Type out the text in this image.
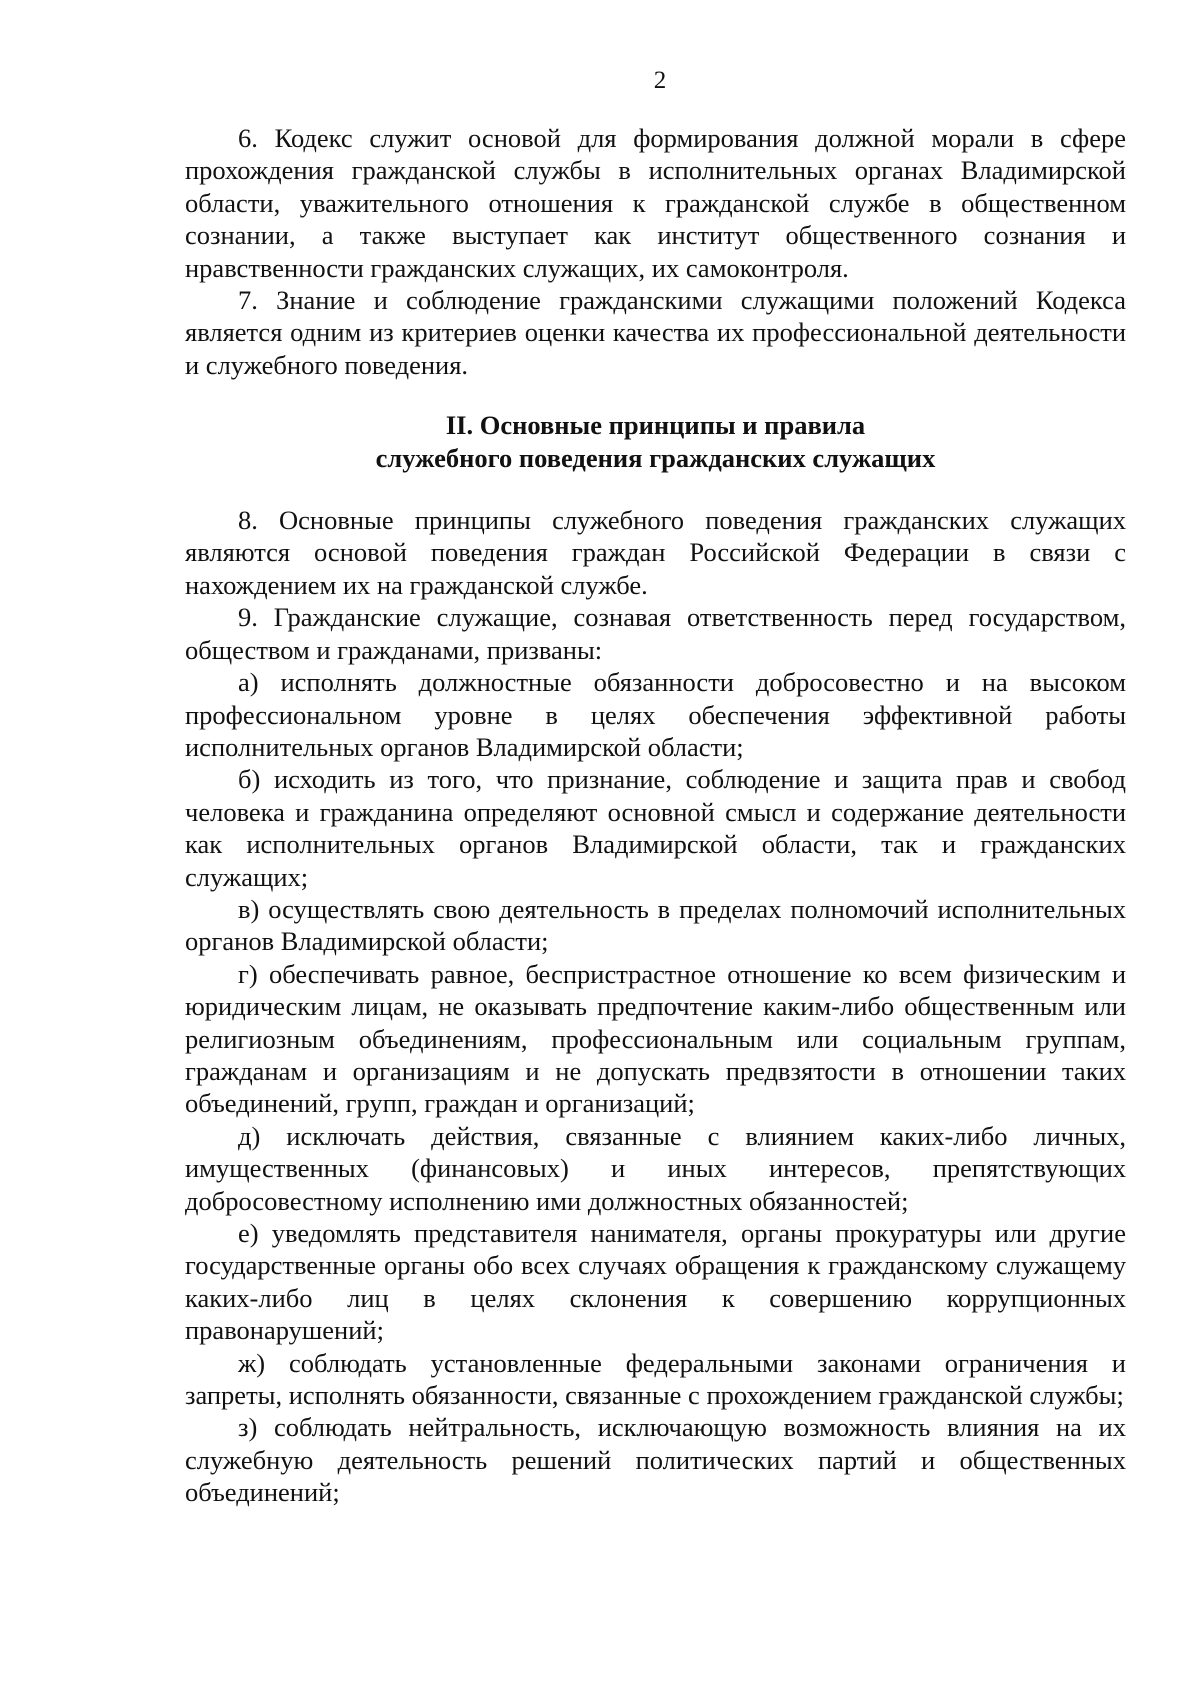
2

6. Кодекс служит основой для формирования должной морали в сфере прохождения гражданской службы в исполнительных органах Владимирской области, уважительного отношения к гражданской службе в общественном сознании, а также выступает как институт общественного сознания и нравственности гражданских служащих, их самоконтроля.

7. Знание и соблюдение гражданскими служащими положений Кодекса является одним из критериев оценки качества их профессиональной деятельности и служебного поведения.

II. Основные принципы и правила
служебного поведения гражданских служащих

8. Основные принципы служебного поведения гражданских служащих являются основой поведения граждан Российской Федерации в связи с нахождением их на гражданской службе.

9. Гражданские служащие, сознавая ответственность перед государством, обществом и гражданами, призваны:

а) исполнять должностные обязанности добросовестно и на высоком профессиональном уровне в целях обеспечения эффективной работы исполнительных органов Владимирской области;

б) исходить из того, что признание, соблюдение и защита прав и свобод человека и гражданина определяют основной смысл и содержание деятельности как исполнительных органов Владимирской области, так и гражданских служащих;

в) осуществлять свою деятельность в пределах полномочий исполнительных органов Владимирской области;

г) обеспечивать равное, беспристрастное отношение ко всем физическим и юридическим лицам, не оказывать предпочтение каким-либо общественным или религиозным объединениям, профессиональным или социальным группам, гражданам и организациям и не допускать предвзятости в отношении таких объединений, групп, граждан и организаций;

д) исключать действия, связанные с влиянием каких-либо личных, имущественных (финансовых) и иных интересов, препятствующих добросовестному исполнению ими должностных обязанностей;

е) уведомлять представителя нанимателя, органы прокуратуры или другие государственные органы обо всех случаях обращения к гражданскому служащему каких-либо лиц в целях склонения к совершению коррупционных правонарушений;

ж) соблюдать установленные федеральными законами ограничения и запреты, исполнять обязанности, связанные с прохождением гражданской службы;

з) соблюдать нейтральность, исключающую возможность влияния на их служебную деятельность решений политических партий и общественных объединений;
